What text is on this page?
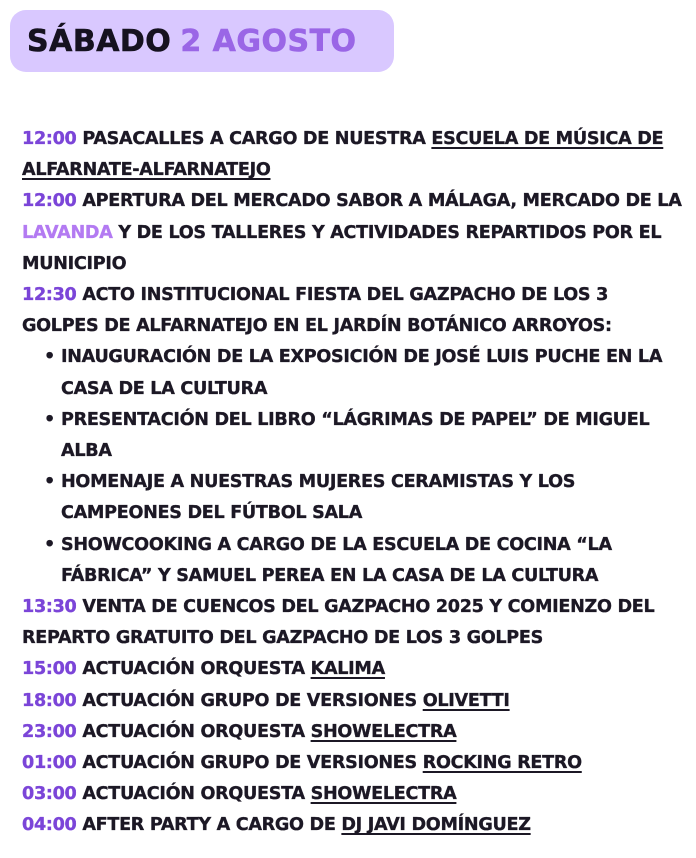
SÁBADO 2 AGOSTO

12:00 PASACALLES A CARGO DE NUESTRA ESCUELA DE MÚSICA DE ALFARNATE-ALFARNATEJO

12:00 APERTURA DEL MERCADO SABOR A MÁLAGA, MERCADO DE LA LAVANDA Y DE LOS TALLERES Y ACTIVIDADES REPARTIDOS POR EL MUNICIPIO

12:30 ACTO INSTITUCIONAL FIESTA DEL GAZPACHO DE LOS 3 GOLPES DE ALFARNATEJO EN EL JARDÍN BOTÁNICO ARROYOS:

• INAUGURACIÓN DE LA EXPOSICIÓN DE JOSÉ LUIS PUCHE EN LA CASA DE LA CULTURA
• PRESENTACIÓN DEL LIBRO “LÁGRIMAS DE PAPEL” DE MIGUEL ALBA
• HOMENAJE A NUESTRAS MUJERES CERAMISTAS Y LOS CAMPEONES DEL FÚTBOL SALA
• SHOWCOOKING A CARGO DE LA ESCUELA DE COCINA “LA FÁBRICA” Y SAMUEL PEREA EN LA CASA DE LA CULTURA

13:30 VENTA DE CUENCOS DEL GAZPACHO 2025 Y COMIENZO DEL REPARTO GRATUITO DEL GAZPACHO DE LOS 3 GOLPES

15:00 ACTUACIÓN ORQUESTA KALIMA

18:00 ACTUACIÓN GRUPO DE VERSIONES OLIVETTI

23:00 ACTUACIÓN ORQUESTA SHOWELECTRA

01:00 ACTUACIÓN GRUPO DE VERSIONES ROCKING RETRO

03:00 ACTUACIÓN ORQUESTA SHOWELECTRA

04:00 AFTER PARTY A CARGO DE DJ JAVI DOMÍNGUEZ
